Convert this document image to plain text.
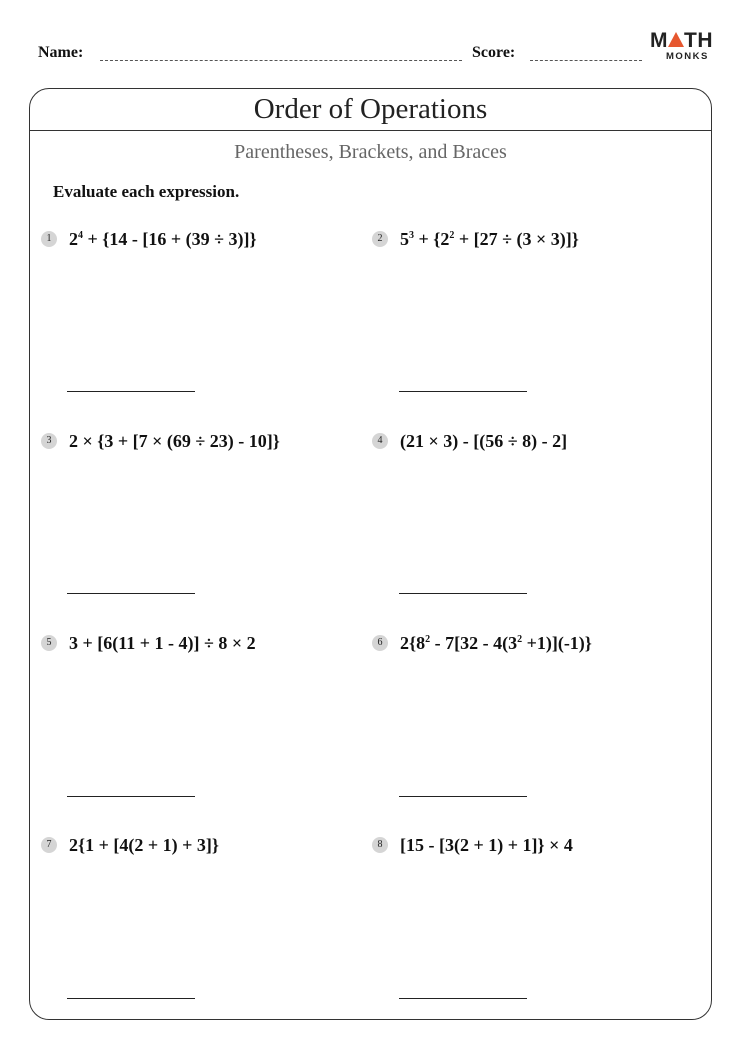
Name:	Score:
M TH
MONKS
Order of Operations
Parentheses, Brackets, and Braces
Evaluate each expression.
1 $2^4 + \{14 - [16 + (39 \div 3)]\}$	2 $5^3 + \{2^2 + [27 \div (3 \times 3)]\}$
3 2 × {3 + [7 × (69 ÷ 23) - 10]}	4 (21 × 3) - [(56 ÷ 8) - 2]
5 3 + [6(11 + 1 - 4)] ÷ 8 × 2	6 $2\{8^2 - 7[32 - 4(3^2 +1)](-1)\}$
7 2{1 + [4(2 + 1) + 3]}	8 [15 - [3(2 + 1) + 1]} × 4
